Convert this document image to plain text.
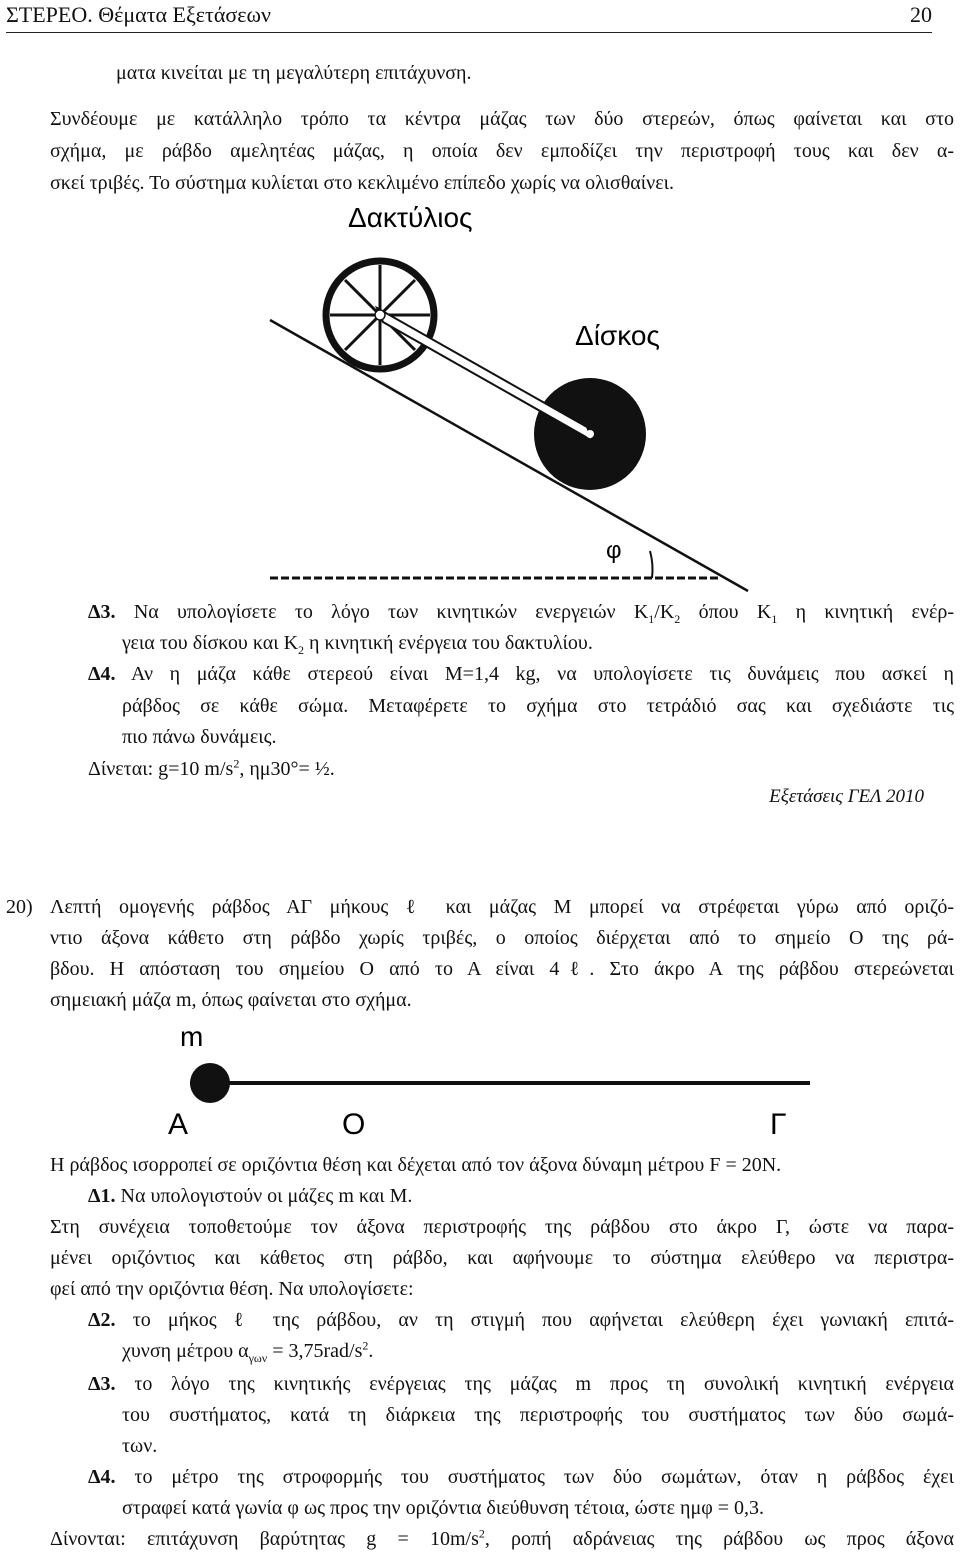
ΣΤΕΡΕΟ. Θέματα Εξετάσεων	20
ματα κινείται με τη μεγαλύτερη επιτάχυνση.
Συνδέουμε με κατάλληλο τρόπο τα κέντρα μάζας των δύο στερεών, όπως φαίνεται και στο
σχήμα, με ράβδο αμελητέας μάζας, η οποία δεν εμποδίζει την περιστροφή τους και δεν α-
σκεί τριβές. Το σύστημα κυλίεται στο κεκλιμένο επίπεδο χωρίς να ολισθαίνει.
Δακτύλιος
Δίσκος
φ
Δ3. Να υπολογίσετε το λόγο των κινητικών ενεργειών $K_1/K_2$ όπου $K_1$ η κινητική ενέρ-
γεια του δίσκου και $K_2$ η κινητική ενέργεια του δακτυλίου.
Δ4. Αν η μάζα κάθε στερεού είναι M=1,4 kg, να υπολογίσετε τις δυνάμεις που ασκεί η
ράβδος σε κάθε σώμα. Μεταφέρετε το σχήμα στο τετράδιό σας και σχεδιάστε τις
πιο πάνω δυνάμεις.
Δίνεται: g=10 $m/s^2$, ημ30°= ½.
Εξετάσεις ΓΕΛ 2010
20) Λεπτή ομογενής ράβδος ΑΓ μήκους ℓ και μάζας Μ μπορεί να στρέφεται γύρω από οριζό-
ντιο άξονα κάθετο στη ράβδο χωρίς τριβές, ο οποίος διέρχεται από το σημείο Ο της ρά-
βδου. Η απόσταση του σημείου Ο από το Α είναι 4ℓ. Στο άκρο Α της ράβδου στερεώνεται
σημειακή μάζα m, όπως φαίνεται στο σχήμα.
m
Α	Ο	Γ
Η ράβδος ισορροπεί σε οριζόντια θέση και δέχεται από τον άξονα δύναμη μέτρου F = 20N.
Δ1. Να υπολογιστούν οι μάζες m και Μ.
Στη συνέχεια τοποθετούμε τον άξονα περιστροφής της ράβδου στο άκρο Γ, ώστε να παρα-
μένει οριζόντιος και κάθετος στη ράβδο, και αφήνουμε το σύστημα ελεύθερο να περιστρα-
φεί από την οριζόντια θέση. Να υπολογίσετε:
Δ2. το μήκος ℓ της ράβδου, αν τη στιγμή που αφήνεται ελεύθερη έχει γωνιακή επιτά-
χυνση μέτρου $\alpha_{\gamma\omega\nu} = 3,75rad/s^2$.
Δ3. το λόγο της κινητικής ενέργειας της μάζας m προς τη συνολική κινητική ενέργεια
του συστήματος, κατά τη διάρκεια της περιστροφής του συστήματος των δύο σωμά-
των.
Δ4. το μέτρο της στροφορμής του συστήματος των δύο σωμάτων, όταν η ράβδος έχει
στραφεί κατά γωνία φ ως προς την οριζόντια διεύθυνση τέτοια, ώστε ημφ = 0,3.
Δίνονται: επιτάχυνση βαρύτητας $g = 10m/s^2$, ροπή αδράνειας της ράβδου ως προς άξονα
